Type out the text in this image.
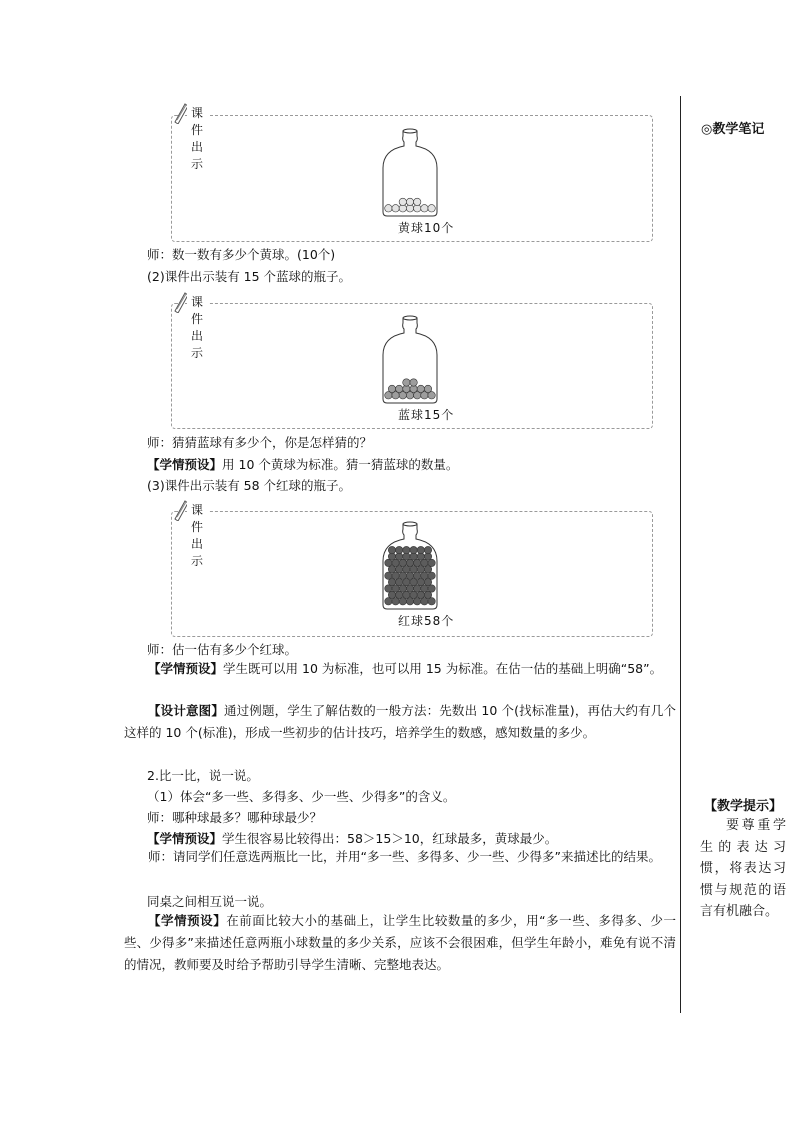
◎教学笔记
课件出示
黄球10个
师：数一数有多少个黄球。(10个)
(2)课件出示装有 15 个蓝球的瓶子。
课件出示
蓝球15个
师：猜猜蓝球有多少个，你是怎样猜的？
【学情预设】用 10 个黄球为标准。猜一猜蓝球的数量。
(3)课件出示装有 58 个红球的瓶子。
课件出示
红球58个
师：估一估有多少个红球。
【学情预设】学生既可以用 10 为标准，也可以用 15 为标准。在估一估的基础上明确“58”。
【设计意图】通过例题，学生了解估数的一般方法：先数出 10 个(找标准量)，再估大约有几个这样的 10 个(标准)，形成一些初步的估计技巧，培养学生的数感，感知数量的多少。
2.比一比，说一说。
（1）体会“多一些、多得多、少一些、少得多”的含义。
师：哪种球最多？哪种球最少？
【学情预设】学生很容易比较得出：58＞15＞10，红球最多，黄球最少。
师：请同学们任意选两瓶比一比，并用“多一些、多得多、少一些、少得多”来描述比的结果。
同桌之间相互说一说。
【学情预设】在前面比较大小的基础上，让学生比较数量的多少，用“多一些、多得多、少一些、少得多”来描述任意两瓶小球数量的多少关系，应该不会很困难，但学生年龄小，难免有说不清的情况，教师要及时给予帮助引导学生清晰、完整地表达。
【教学提示】
要尊重学生的表达习惯，将表达习惯与规范的语言有机融合。
